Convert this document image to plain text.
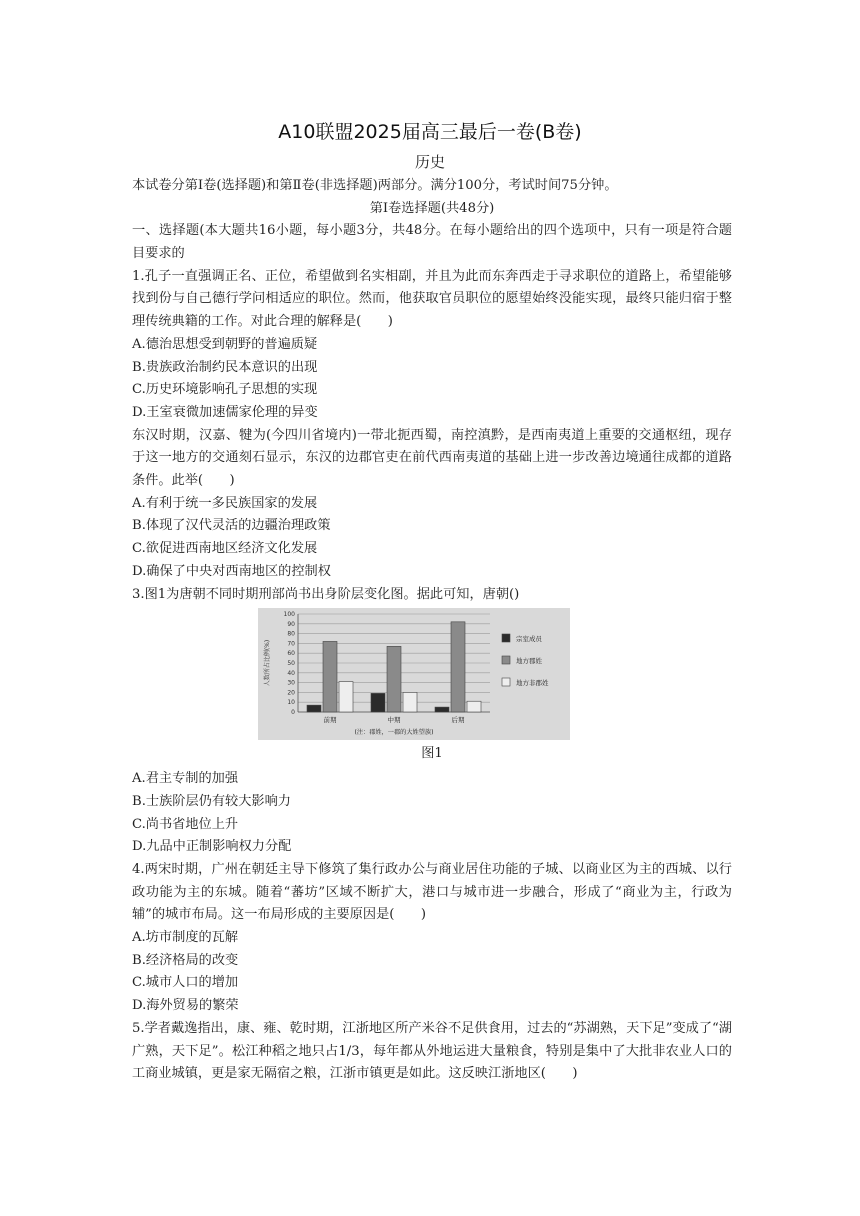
A10联盟2025届高三最后一卷(B卷)
历史
本试卷分第Ⅰ卷(选择题)和第Ⅱ卷(非选择题)两部分。满分100分，考试时间75分钟。
第Ⅰ卷选择题(共48分)
一、选择题(本大题共16小题，每小题3分，共48分。在每小题给出的四个选项中，只有一项是符合题目要求的
1.孔子一直强调正名、正位，希望做到名实相副，并且为此而东奔西走于寻求职位的道路上，希望能够找到份与自己德行学问相适应的职位。然而，他获取官员职位的愿望始终没能实现，最终只能归宿于整理传统典籍的工作。对此合理的解释是(　　)
A.德治思想受到朝野的普遍质疑
B.贵族政治制约民本意识的出现
C.历史环境影响孔子思想的实现
D.王室衰微加速儒家伦理的异变
东汉时期，汉嘉、犍为(今四川省境内)一带北扼西蜀，南控滇黔，是西南夷道上重要的交通枢纽，现存于这一地方的交通刻石显示，东汉的边郡官吏在前代西南夷道的基础上进一步改善边境通往成都的道路条件。此举(　　)
A.有利于统一多民族国家的发展
B.体现了汉代灵活的边疆治理政策
C.欲促进西南地区经济文化发展
D.确保了中央对西南地区的控制权
3.图1为唐朝不同时期刑部尚书出身阶层变化图。据此可知，唐朝()
0
10
20
30
40
50
60
70
80
90
100
人数所占比例(%)
前期	中期	后期
(注：郡姓，一郡的大姓望族)
宗室成员
地方郡姓
地方非郡姓
图1
A.君主专制的加强
B.士族阶层仍有较大影响力
C.尚书省地位上升
D.九品中正制影响权力分配
4.两宋时期，广州在朝廷主导下修筑了集行政办公与商业居住功能的子城、以商业区为主的西城、以行政功能为主的东城。随着“蕃坊”区域不断扩大，港口与城市进一步融合，形成了“商业为主，行政为辅”的城市布局。这一布局形成的主要原因是(　　)
A.坊市制度的瓦解
B.经济格局的改变
C.城市人口的增加
D.海外贸易的繁荣
5.学者戴逸指出，康、雍、乾时期，江浙地区所产米谷不足供食用，过去的“苏湖熟，天下足”变成了“湖广熟，天下足”。松江种稻之地只占1/3，每年都从外地运进大量粮食，特别是集中了大批非农业人口的工商业城镇，更是家无隔宿之粮，江浙市镇更是如此。这反映江浙地区(　　)
